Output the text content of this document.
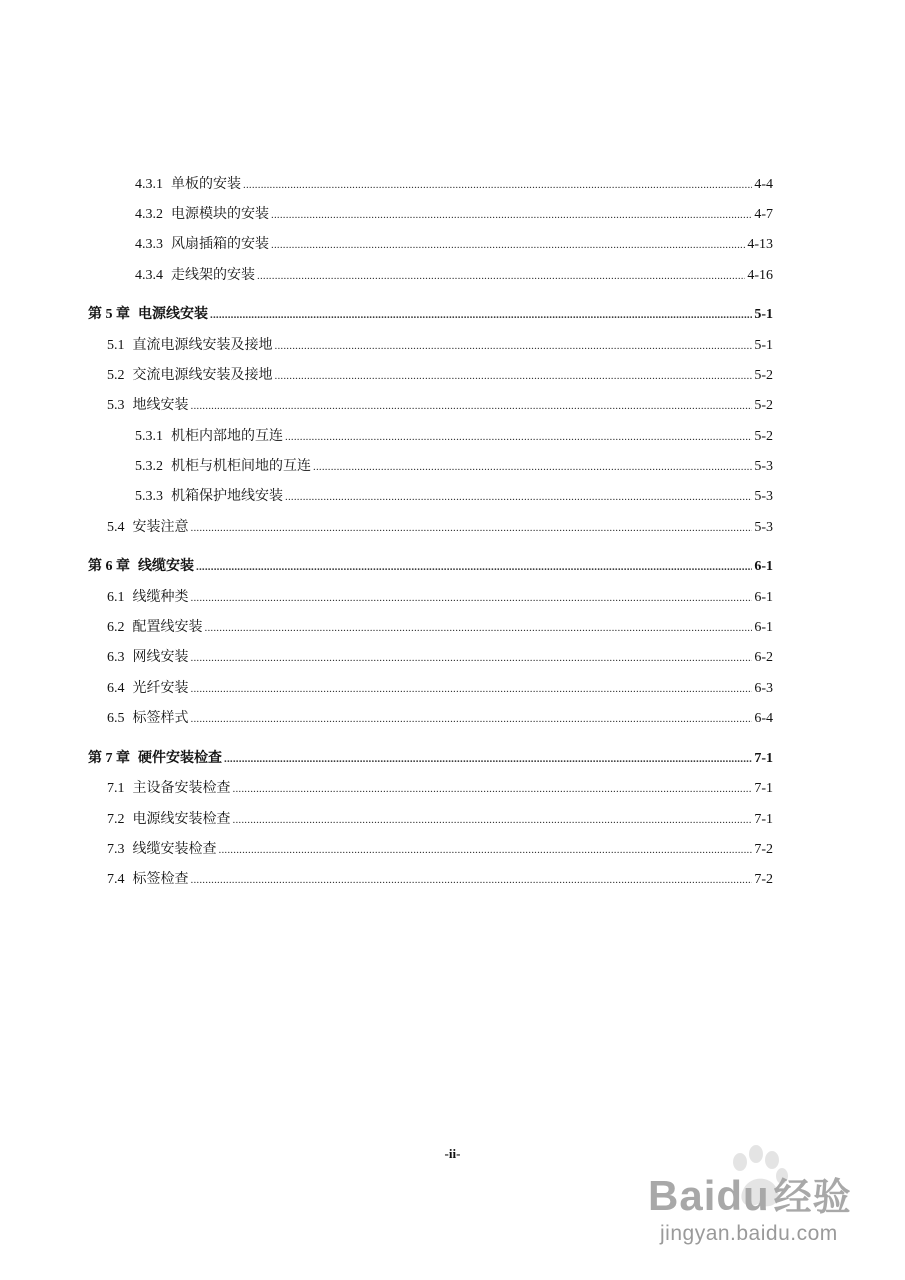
4.3.1 单板的安装 .....	4-4
4.3.2 电源模块的安装 .....	4-7
4.3.3 风扇插箱的安装 .....	4-13
4.3.4 走线架的安装 .....	4-16
第 5 章 电源线安装 .....	5-1
5.1 直流电源线安装及接地 .....	5-1
5.2 交流电源线安装及接地 .....	5-2
5.3 地线安装 .....	5-2
5.3.1 机柜内部地的互连 .....	5-2
5.3.2 机柜与机柜间地的互连 .....	5-3
5.3.3 机箱保护地线安装 .....	5-3
5.4 安装注意 .....	5-3
第 6 章 线缆安装 .....	6-1
6.1 线缆种类 .....	6-1
6.2 配置线安装 .....	6-1
6.3 网线安装 .....	6-2
6.4 光纤安装 .....	6-3
6.5 标签样式 .....	6-4
第 7 章 硬件安装检查 .....	7-1
7.1 主设备安装检查 .....	7-1
7.2 电源线安装检查 .....	7-1
7.3 线缆安装检查 .....	7-2
7.4 标签检查 .....	7-2
-ii-
Baidu 经验
jingyan.baidu.com
